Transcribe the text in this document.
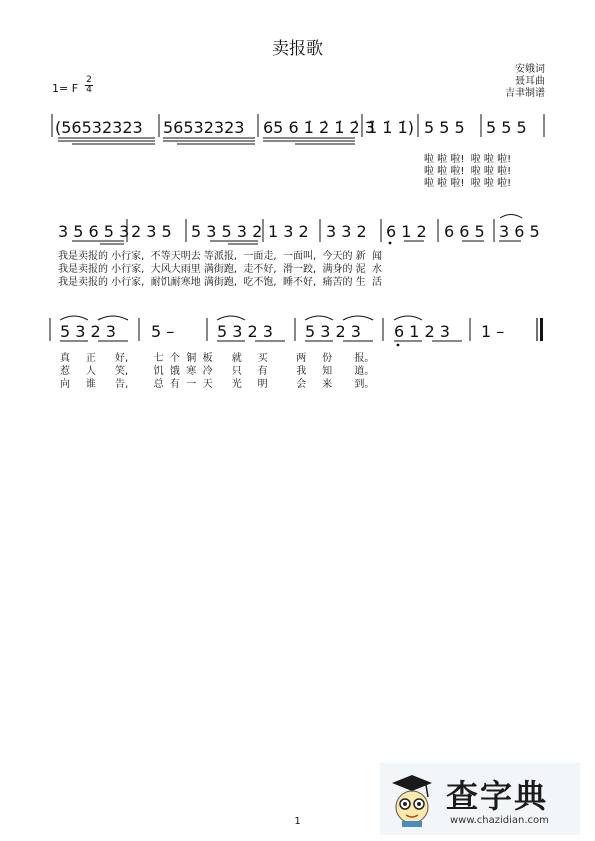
卖报歌
安娥词
聂耳曲
吉聿制谱
1= F
2
4
(56532323 56532323 65 6 1̇ 2̇ 1̇ 2̇ 3̇
1̇ 1̇ 1̇) 5 5 5 5 5 5
3 5 6 5 3 2 3 5 5 3 5 3 2 1 3 2 3 3 2 6 1 2 6 6 5 3 6 5
5 3 2 3 5 –	5 3 2 3 5 3 2 3 6 1 2 3 1 –
啦 啦 啦!  啦 啦 啦!
啦 啦 啦!  啦 啦 啦!
啦 啦 啦!  啦 啦 啦!
我是卖报的 小行家,  不等天明去 等派报,  一面走,  一面叫,  今天的 新  闻
我是卖报的 小行家,  大风大雨里 满街跑,  走不好,  滑一跤,  满身的 泥  水
我是卖报的 小行家,  耐饥耐寒地 满街跑,  吃不饱,  睡不好,  痛苦的 生  活
真     正      好,        七  个  铜  板      就     买         两     份       报。
惹     人      笑,        饥  饿  寒  冷      只     有         我     知       道。
向     谁      告,        总  有  一  天      光     明         会     来       到。
查字典
www.chazidian.com
1
